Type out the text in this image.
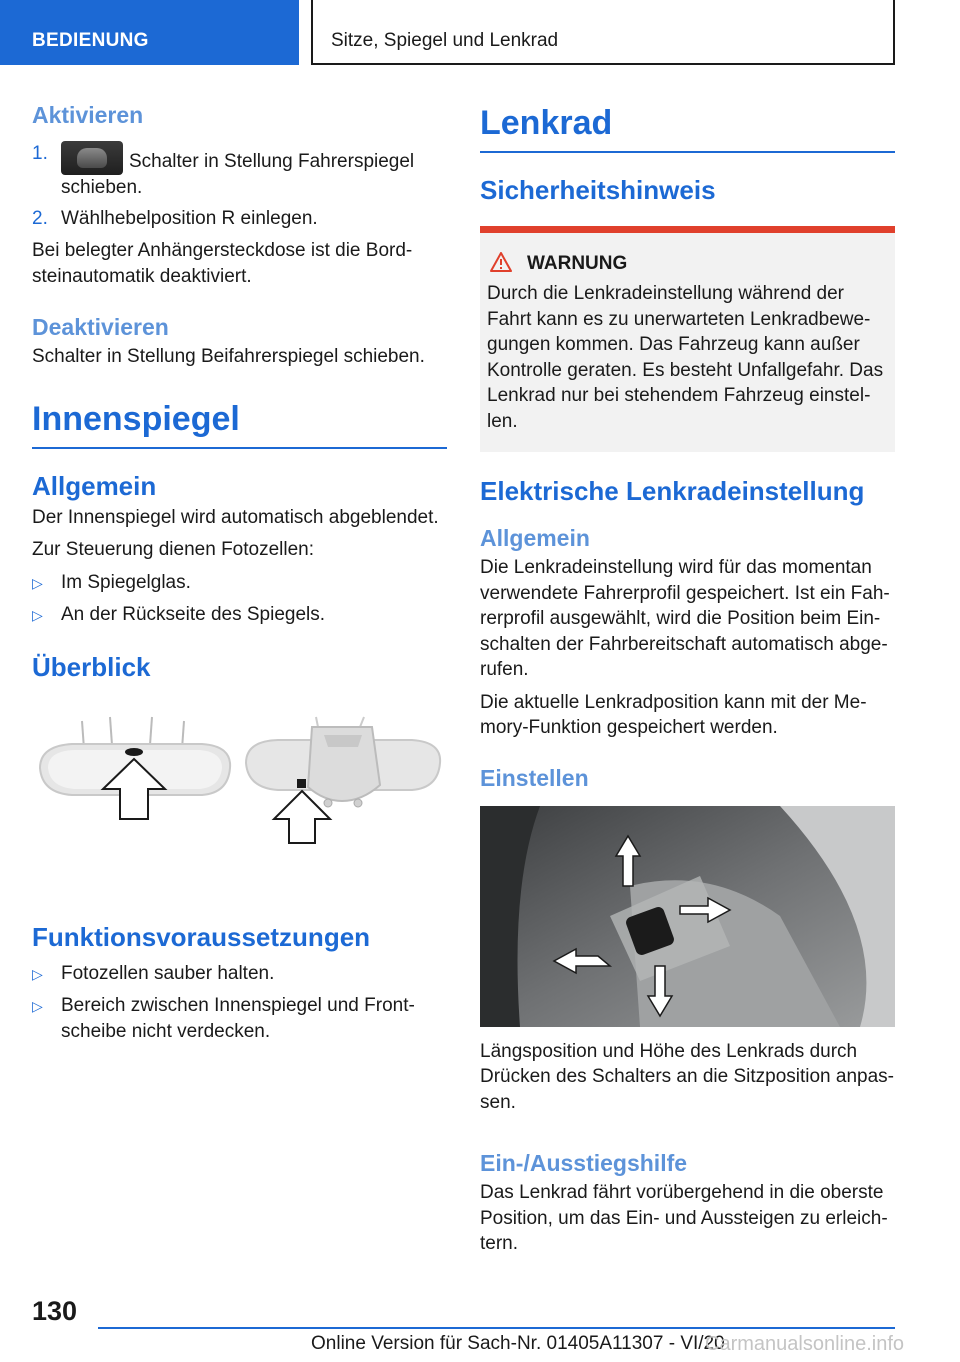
BEDIENUNG	Sitze, Spiegel und Lenkrad
Aktivieren
1.	Schalter in Stellung Fahrerspiegel schieben.
2. Wählhebelposition R einlegen.

Bei belegter Anhängersteckdose ist die Bord-steinautomatik deaktiviert.

Deaktivieren

Schalter in Stellung Beifahrerspiegel schieben.

Innenspiegel
Allgemein

Der Innenspiegel wird automatisch abgeblendet.

Zur Steuerung dienen Fotozellen:

▷ Im Spiegelglas.
▷ An der Rückseite des Spiegels.
Überblick
Funktionsvoraussetzungen
▷ Fotozellen sauber halten.
▷ Bereich zwischen Innenspiegel und Front-scheibe nicht verdecken.
Lenkrad
Sicherheitshinweis
WARNUNG

Durch die Lenkradeinstellung während der Fahrt kann es zu unerwarteten Lenkradbewe-gungen kommen. Das Fahrzeug kann außer Kontrolle geraten. Es besteht Unfallgefahr. Das Lenkrad nur bei stehendem Fahrzeug einstel-len.

Elektrische Lenkradeinstellung
Allgemein

Die Lenkradeinstellung wird für das momentan verwendete Fahrerprofil gespeichert. Ist ein Fah-rerprofil ausgewählt, wird die Position beim Ein-schalten der Fahrbereitschaft automatisch abge-rufen.

Die aktuelle Lenkradposition kann mit der Me-mory-Funktion gespeichert werden.

Einstellen

Längsposition und Höhe des Lenkrads durch Drücken des Schalters an die Sitzposition anpas-sen.

Ein-/Ausstiegshilfe

Das Lenkrad fährt vorübergehend in die oberste Position, um das Ein- und Aussteigen zu erleich-tern.

130
Online Version für Sach-Nr. 01405A11307 - VI/20
Carmanualsonline.info
